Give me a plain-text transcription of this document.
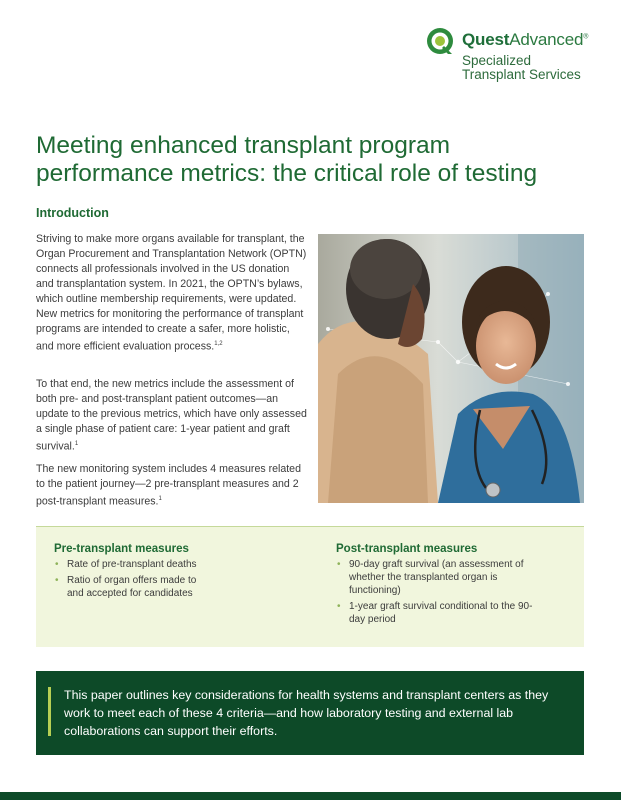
QuestAdvanced®
Specialized
Transplant Services
Meeting enhanced transplant program performance metrics: the critical role of testing
Introduction

Striving to make more organs available for transplant, the Organ Procurement and Transplantation Network (OPTN) connects all professionals involved in the US donation and transplantation system. In 2021, the OPTN’s bylaws, which outline membership requirements, were updated. New metrics for monitoring the performance of transplant programs are intended to create a safer, more holistic, and more efficient evaluation process.$^{1,2}$

To that end, the new metrics include the assessment of both pre- and post-transplant patient outcomes—an update to the previous metrics, which have only assessed a single phase of patient care: 1-year patient and graft survival.$^1$

The new monitoring system includes 4 measures related to the patient journey—2 pre-transplant measures and 2 post-transplant measures.$^1$

Pre-transplant measures
• Rate of pre-transplant deaths
• Ratio of organ offers made to and accepted for candidates
Post-transplant measures
• 90-day graft survival (an assessment of whether the transplanted organ is functioning)
• 1-year graft survival conditional to the 90-day period

This paper outlines key considerations for health systems and transplant centers as they work to meet each of these 4 criteria—and how laboratory testing and external lab collaborations can support their efforts.
